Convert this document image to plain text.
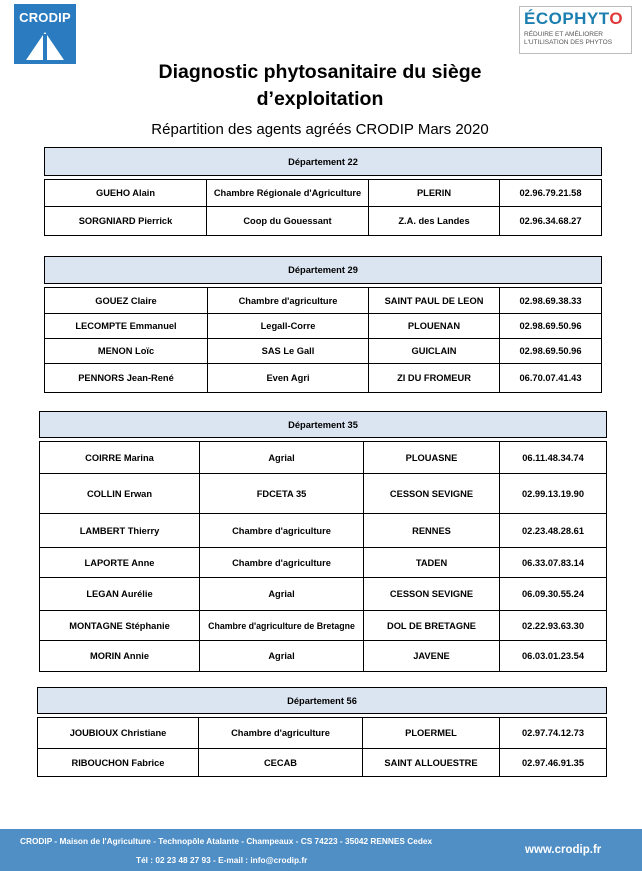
CRODIP	ÉCOPHYTO
RÉDUIRE ET AMÉLIORER
L'UTILISATION DES PHYTOS
Diagnostic phytosanitaire du siège
d’exploitation
Répartition des agents agréés CRODIP Mars 2020
Département 22			

GUEHO Alain	Chambre Régionale d'Agriculture	PLERIN	02.96.79.21.58
SORGNIARD Pierrick	Coop du Gouessant	Z.A. des Landes	02.96.34.68.27
Département 29			

GOUEZ Claire	Chambre d'agriculture	SAINT PAUL DE LEON	02.98.69.38.33
LECOMPTE Emmanuel	Legall-Corre	PLOUENAN	02.98.69.50.96
MENON Loïc	SAS Le Gall	GUICLAIN	02.98.69.50.96
PENNORS Jean-René	Even Agri	ZI DU FROMEUR	06.70.07.41.43
Département 35			

COIRRE Marina	Agrial	PLOUASNE	06.11.48.34.74
COLLIN Erwan	FDCETA 35	CESSON SEVIGNE	02.99.13.19.90
LAMBERT Thierry	Chambre d'agriculture	RENNES	02.23.48.28.61
LAPORTE Anne	Chambre d'agriculture	TADEN	06.33.07.83.14
LEGAN Aurélie	Agrial	CESSON SEVIGNE	06.09.30.55.24
MONTAGNE Stéphanie	Chambre d'agriculture de Bretagne	DOL DE BRETAGNE	02.22.93.63.30
MORIN Annie	Agrial	JAVENE	06.03.01.23.54
Département 56			

JOUBIOUX Christiane	Chambre d'agriculture	PLOERMEL	02.97.74.12.73
RIBOUCHON Fabrice	CECAB	SAINT ALLOUESTRE	02.97.46.91.35
CRODIP - Maison de l'Agriculture - Technopôle Atalante - Champeaux - CS 74223 - 35042 RENNES Cedex
Tél : 02 23 48 27 93 - E-mail : info@crodip.fr
www.crodip.fr
